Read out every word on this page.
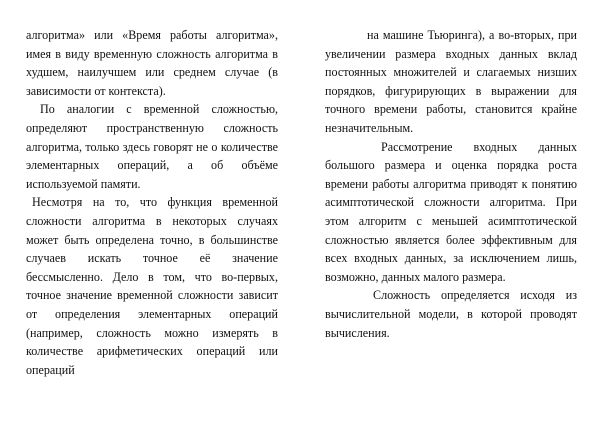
алгоритма» или «Время работы алгоритма», имея в виду временную сложность алгоритма в худшем, наилучшем или среднем случае (в зависимости от контекста).

По аналогии с временной сложностью, определяют пространственную сложность алгоритма, только здесь говорят не о количестве элементарных операций, а об объёме используемой памяти.

Несмотря на то, что функция временной сложности алгоритма в некоторых случаях может быть определена точно, в большинстве случаев искать точное её значение бессмысленно. Дело в том, что во-первых, точное значение временной сложности зависит от определения элементарных операций (например, сложность можно измерять в количестве арифметических операций или операций

на машине Тьюринга), а во-вторых, при увеличении размера входных данных вклад постоянных множителей и слагаемых низших порядков, фигурирующих в выражении для точного времени работы, становится крайне незначительным.

Рассмотрение входных данных большого размера и оценка порядка роста времени работы алгоритма приводят к понятию асимптотической сложности алгоритма. При этом алгоритм с меньшей асимптотической сложностью является более эффективным для всех входных данных, за исключением лишь, возможно, данных малого размера.

Сложность определяется исходя из вычислительной модели, в которой проводят вычисления.
